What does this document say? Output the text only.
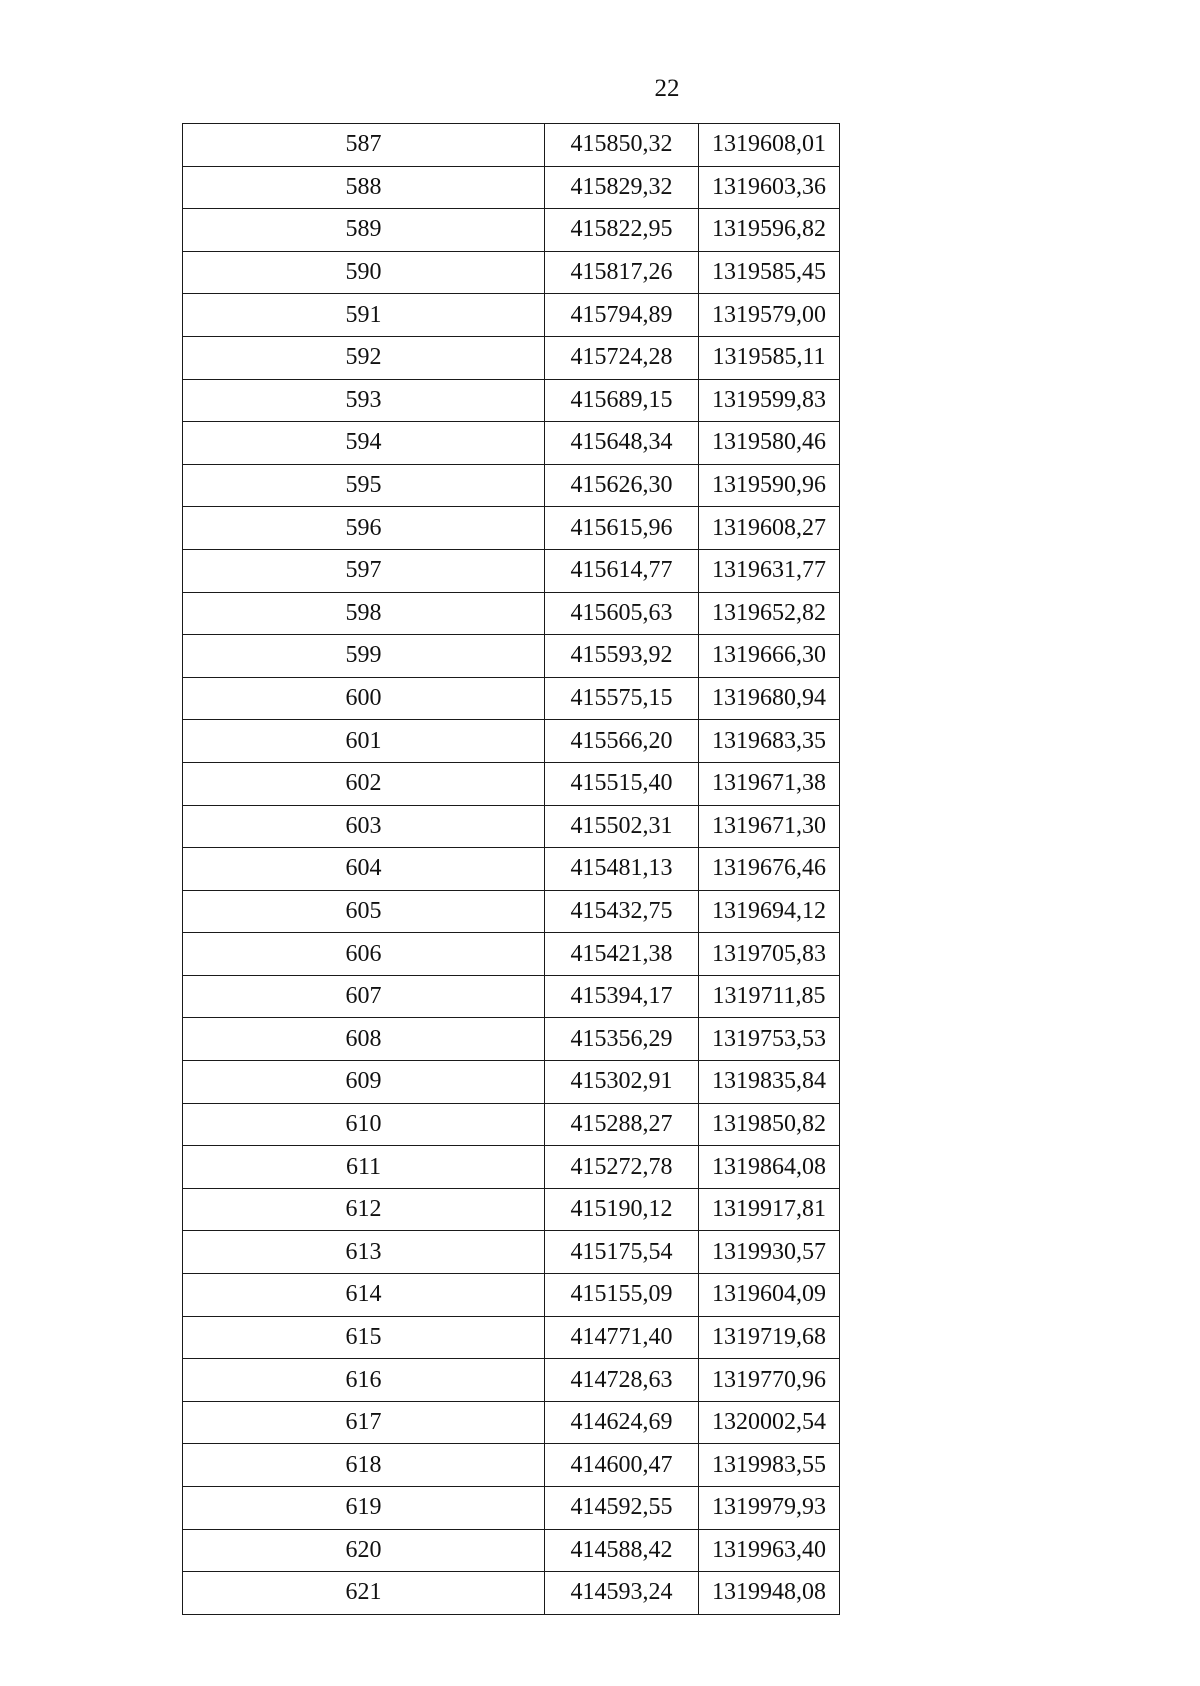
22
587	415850,32	1319608,01
588	415829,32	1319603,36
589	415822,95	1319596,82
590	415817,26	1319585,45
591	415794,89	1319579,00
592	415724,28	1319585,11
593	415689,15	1319599,83
594	415648,34	1319580,46
595	415626,30	1319590,96
596	415615,96	1319608,27
597	415614,77	1319631,77
598	415605,63	1319652,82
599	415593,92	1319666,30
600	415575,15	1319680,94
601	415566,20	1319683,35
602	415515,40	1319671,38
603	415502,31	1319671,30
604	415481,13	1319676,46
605	415432,75	1319694,12
606	415421,38	1319705,83
607	415394,17	1319711,85
608	415356,29	1319753,53
609	415302,91	1319835,84
610	415288,27	1319850,82
611	415272,78	1319864,08
612	415190,12	1319917,81
613	415175,54	1319930,57
614	415155,09	1319604,09
615	414771,40	1319719,68
616	414728,63	1319770,96
617	414624,69	1320002,54
618	414600,47	1319983,55
619	414592,55	1319979,93
620	414588,42	1319963,40
621	414593,24	1319948,08
